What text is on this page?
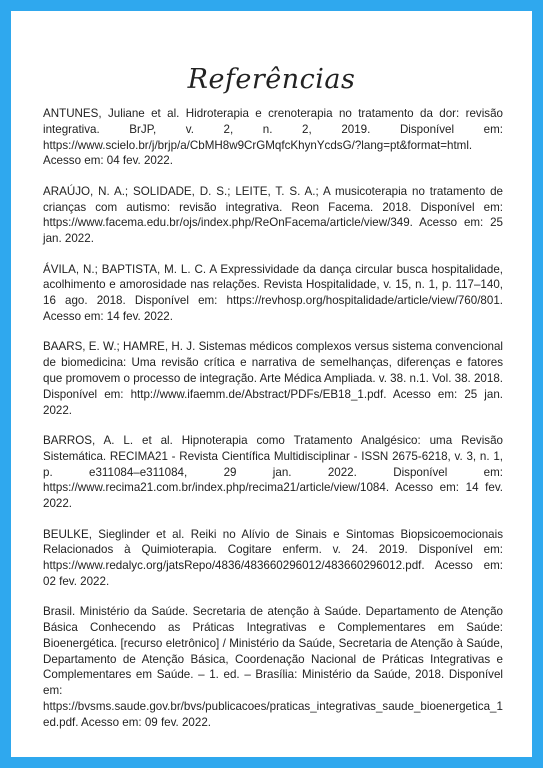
Referências
ANTUNES, Juliane et al. Hidroterapia e crenoterapia no tratamento da dor: revisão integrativa. BrJP, v. 2, n. 2, 2019. Disponível em: https://www.scielo.br/j/brjp/a/CbMH8w9CrGMqfcKhynYcdsG/?lang=pt&format=html. Acesso em: 04 fev. 2022.
ARAÚJO, N. A.; SOLIDADE, D. S.; LEITE, T. S. A.; A musicoterapia no tratamento de crianças com autismo: revisão integrativa. Reon Facema. 2018. Disponível em: https://www.facema.edu.br/ojs/index.php/ReOnFacema/article/view/349. Acesso em: 25 jan. 2022.
ÁVILA, N.; BAPTISTA, M. L. C. A Expressividade da dança circular busca hospitalidade, acolhimento e amorosidade nas relações. Revista Hospitalidade, v. 15, n. 1, p. 117–140, 16 ago. 2018. Disponível em: https://revhosp.org/hospitalidade/article/view/760/801. Acesso em: 14 fev. 2022.
BAARS, E. W.; HAMRE, H. J. Sistemas médicos complexos versus sistema convencional de biomedicina: Uma revisão crítica e narrativa de semelhanças, diferenças e fatores que promovem o processo de integração. Arte Médica Ampliada. v. 38. n.1. Vol. 38. 2018. Disponível em: http://www.ifaemm.de/Abstract/PDFs/EB18_1.pdf. Acesso em: 25 jan. 2022.
BARROS, A. L. et al. Hipnoterapia como Tratamento Analgésico: uma Revisão Sistemática. RECIMA21 - Revista Científica Multidisciplinar - ISSN 2675-6218, v. 3, n. 1, p. e311084–e311084, 29 jan. 2022. Disponível em: https://www.recima21.com.br/index.php/recima21/article/view/1084. Acesso em: 14 fev. 2022.
BEULKE, Sieglinder et al. Reiki no Alívio de Sinais e Sintomas Biopsicoemocionais Relacionados à Quimioterapia. Cogitare enferm. v. 24. 2019. Disponível em: https://www.redalyc.org/jatsRepo/4836/483660296012/483660296012.pdf. Acesso em: 02 fev. 2022.
Brasil. Ministério da Saúde. Secretaria de atenção à Saúde. Departamento de Atenção Básica Conhecendo as Práticas Integrativas e Complementares em Saúde: Bioenergética. [recurso eletrônico] / Ministério da Saúde, Secretaria de Atenção à Saúde, Departamento de Atenção Básica, Coordenação Nacional de Práticas Integrativas e Complementares em Saúde. – 1. ed. – Brasília: Ministério da Saúde, 2018. Disponível em: https://bvsms.saude.gov.br/bvs/publicacoes/praticas_integrativas_saude_bioenergetica_1ed.pdf. Acesso em: 09 fev. 2022.
